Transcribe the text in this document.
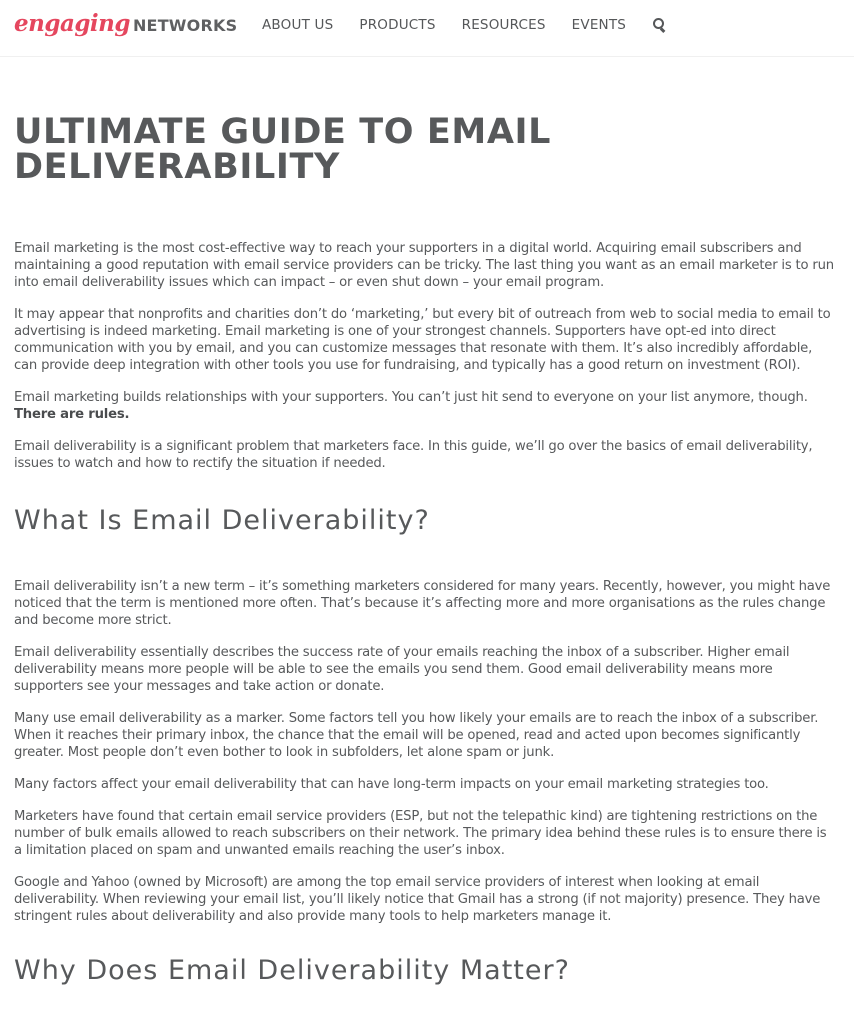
engaging NETWORKS ABOUT US PRODUCTS RESOURCES EVENTS
ULTIMATE GUIDE TO EMAIL
DELIVERABILITY

Email marketing is the most cost-effective way to reach your supporters in a digital world. Acquiring email subscribers and maintaining a good reputation with email service providers can be tricky. The last thing you want as an email marketer is to run into email deliverability issues which can impact – or even shut down – your email program.

It may appear that nonprofits and charities don’t do ‘marketing,’ but every bit of outreach from web to social media to email to advertising is indeed marketing. Email marketing is one of your strongest channels. Supporters have opt-ed into direct communication with you by email, and you can customize messages that resonate with them. It’s also incredibly affordable, can provide deep integration with other tools you use for fundraising, and typically has a good return on investment (ROI).

Email marketing builds relationships with your supporters. You can’t just hit send to everyone on your list anymore, though. There are rules.

Email deliverability is a significant problem that marketers face. In this guide, we’ll go over the basics of email deliverability, issues to watch and how to rectify the situation if needed.

What Is Email Deliverability?

Email deliverability isn’t a new term – it’s something marketers considered for many years. Recently, however, you might have noticed that the term is mentioned more often. That’s because it’s affecting more and more organisations as the rules change and become more strict.

Email deliverability essentially describes the success rate of your emails reaching the inbox of a subscriber. Higher email deliverability means more people will be able to see the emails you send them. Good email deliverability means more supporters see your messages and take action or donate.

Many use email deliverability as a marker. Some factors tell you how likely your emails are to reach the inbox of a subscriber. When it reaches their primary inbox, the chance that the email will be opened, read and acted upon becomes significantly greater. Most people don’t even bother to look in subfolders, let alone spam or junk.

Many factors affect your email deliverability that can have long-term impacts on your email marketing strategies too.

Marketers have found that certain email service providers (ESP, but not the telepathic kind) are tightening restrictions on the number of bulk emails allowed to reach subscribers on their network. The primary idea behind these rules is to ensure there is a limitation placed on spam and unwanted emails reaching the user’s inbox.

Google and Yahoo (owned by Microsoft) are among the top email service providers of interest when looking at email deliverability. When reviewing your email list, you’ll likely notice that Gmail has a strong (if not majority) presence. They have stringent rules about deliverability and also provide many tools to help marketers manage it.

Why Does Email Deliverability Matter?
